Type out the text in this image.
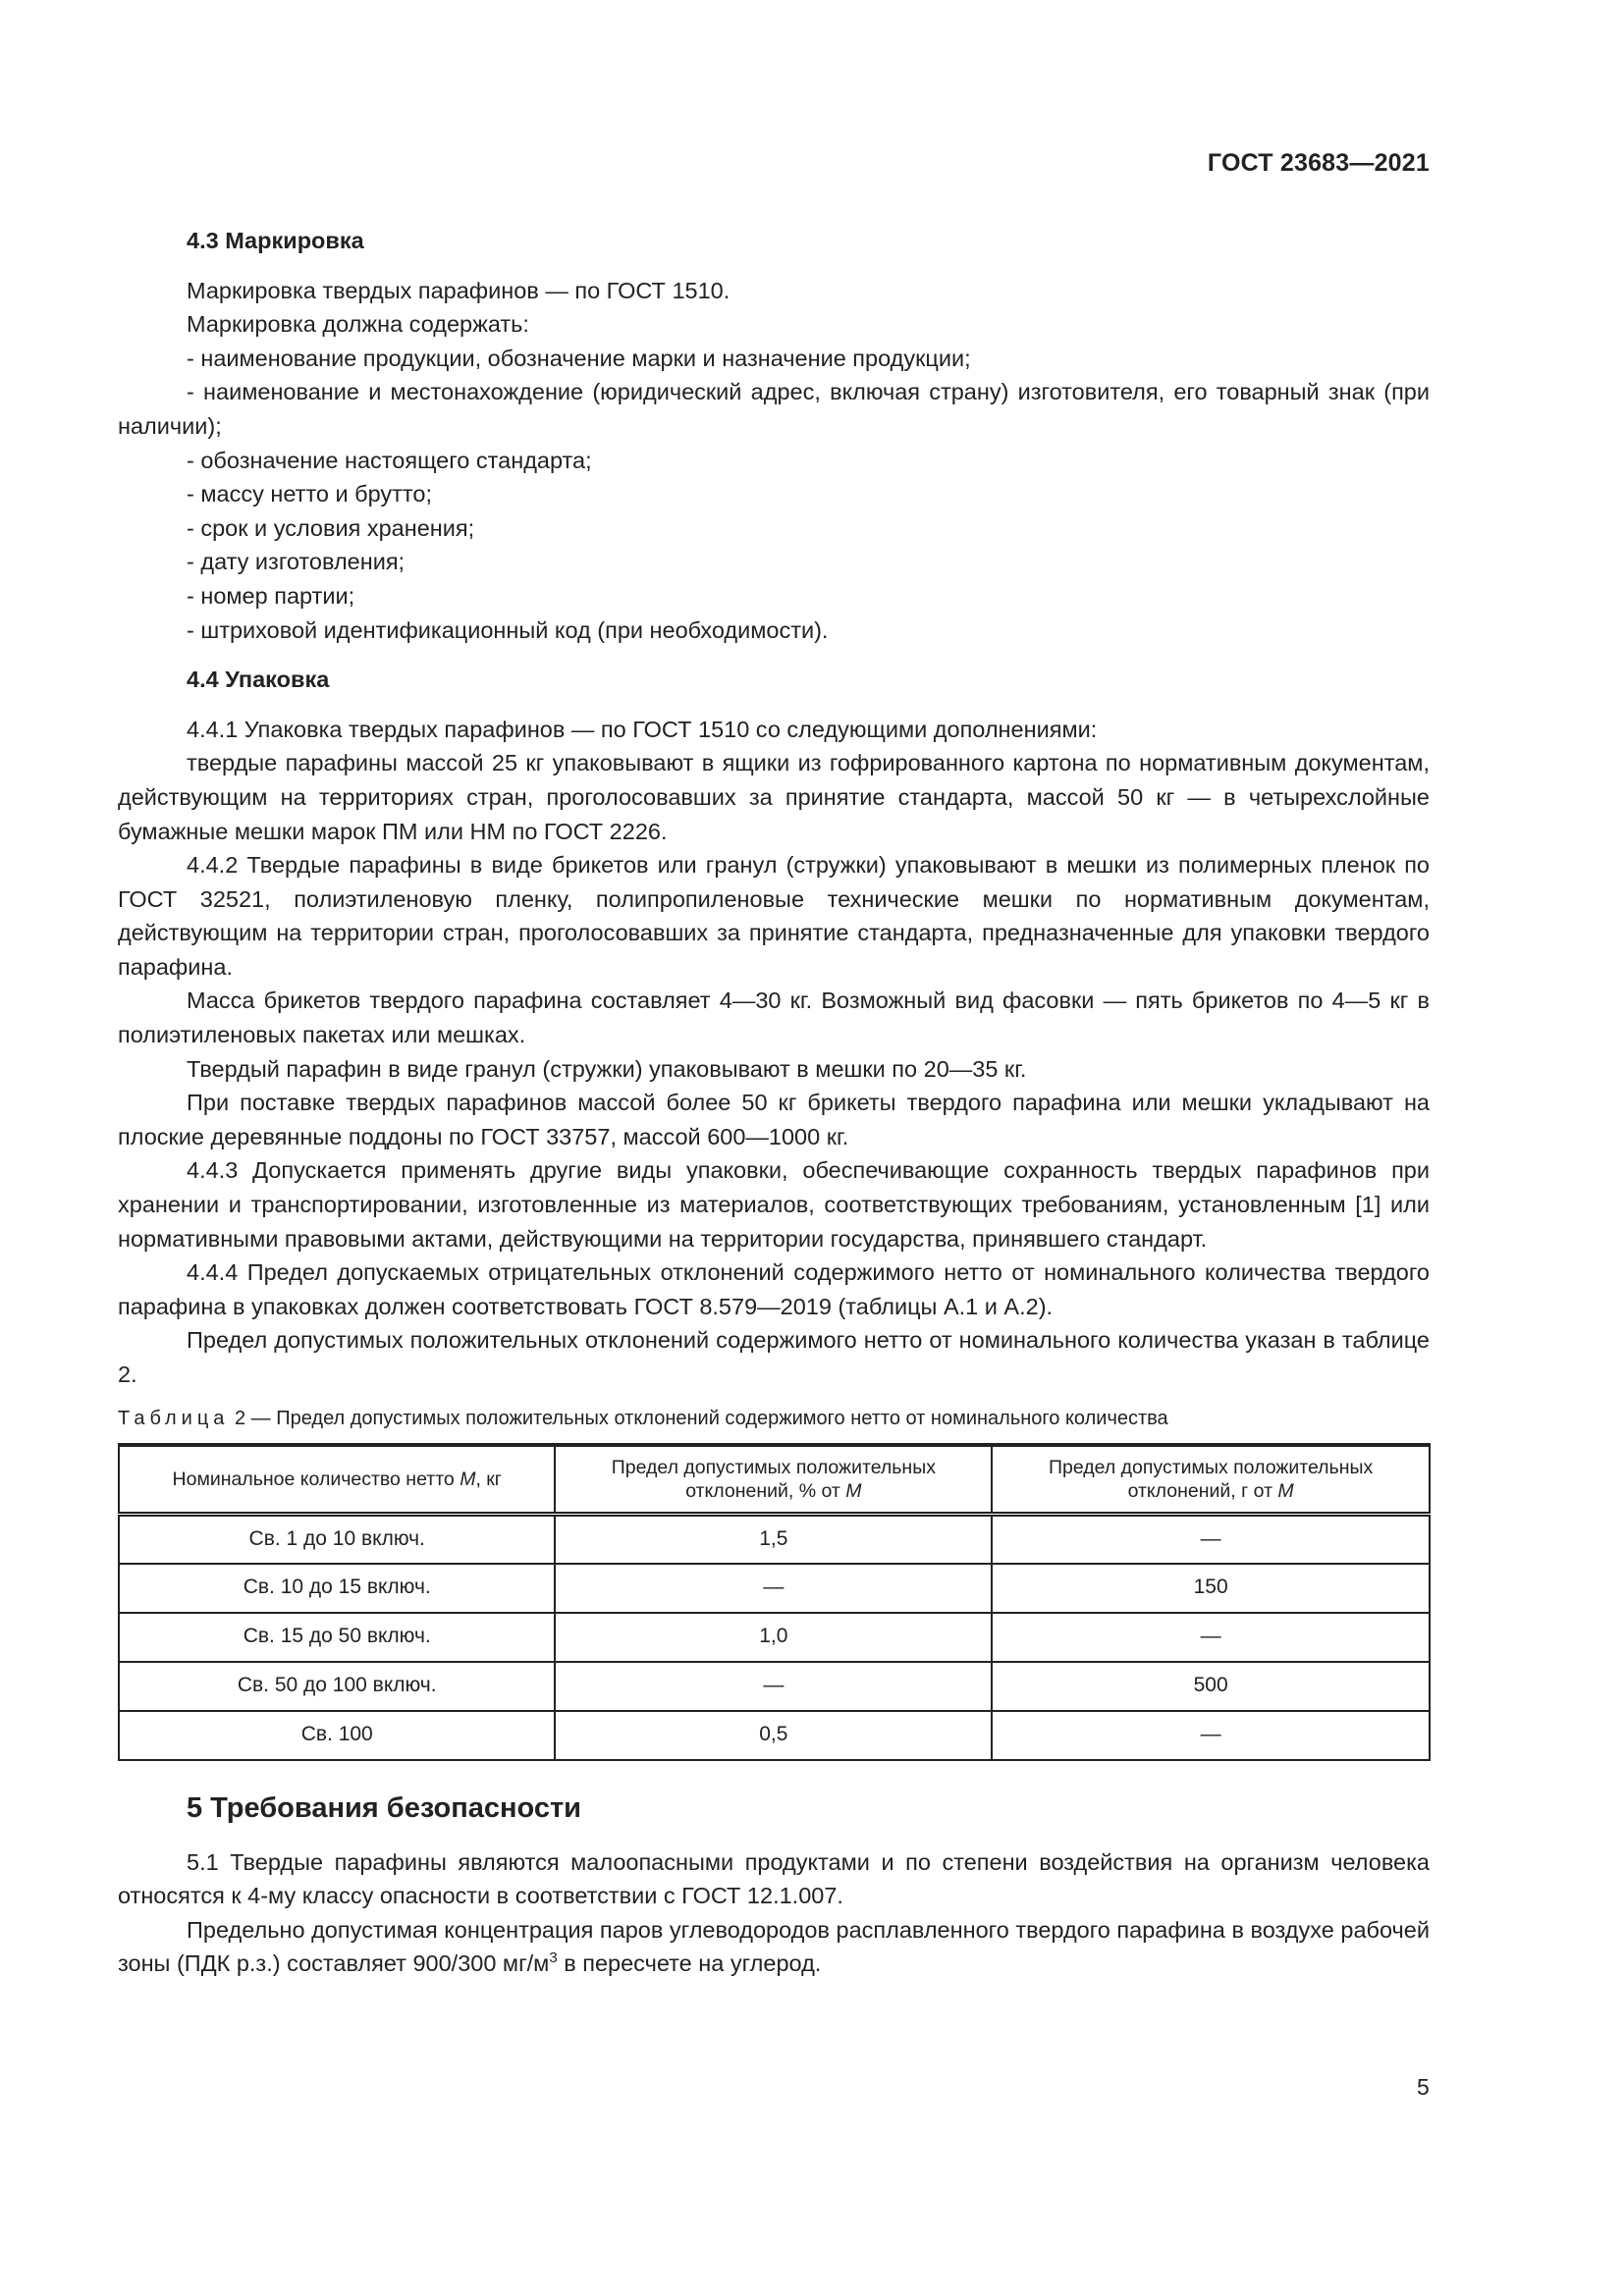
ГОСТ 23683—2021
4.3 Маркировка

Маркировка твердых парафинов — по ГОСТ 1510.

Маркировка должна содержать:

- наименование продукции, обозначение марки и назначение продукции;

- наименование и местонахождение (юридический адрес, включая страну) изготовителя, его товарный знак (при наличии);

- обозначение настоящего стандарта;

- массу нетто и брутто;

- срок и условия хранения;

- дату изготовления;

- номер партии;

- штриховой идентификационный код (при необходимости).

4.4 Упаковка

4.4.1 Упаковка твердых парафинов — по ГОСТ 1510 со следующими дополнениями:

твердые парафины массой 25 кг упаковывают в ящики из гофрированного картона по нормативным документам, действующим на территориях стран, проголосовавших за принятие стандарта, массой 50 кг — в четырехслойные бумажные мешки марок ПМ или НМ по ГОСТ 2226.

4.4.2 Твердые парафины в виде брикетов или гранул (стружки) упаковывают в мешки из полимерных пленок по ГОСТ 32521, полиэтиленовую пленку, полипропиленовые технические мешки по нормативным документам, действующим на территории стран, проголосовавших за принятие стандарта, предназначенные для упаковки твердого парафина.

Масса брикетов твердого парафина составляет 4—30 кг. Возможный вид фасовки — пять брикетов по 4—5 кг в полиэтиленовых пакетах или мешках.

Твердый парафин в виде гранул (стружки) упаковывают в мешки по 20—35 кг.

При поставке твердых парафинов массой более 50 кг брикеты твердого парафина или мешки укладывают на плоские деревянные поддоны по ГОСТ 33757, массой 600—1000 кг.

4.4.3 Допускается применять другие виды упаковки, обеспечивающие сохранность твердых парафинов при хранении и транспортировании, изготовленные из материалов, соответствующих требованиям, установленным [1] или нормативными правовыми актами, действующими на территории государства, принявшего стандарт.

4.4.4 Предел допускаемых отрицательных отклонений содержимого нетто от номинального количества твердого парафина в упаковках должен соответствовать ГОСТ 8.579—2019 (таблицы А.1 и А.2).

Предел допустимых положительных отклонений содержимого нетто от номинального количества указан в таблице 2.

Таблица 2 — Предел допустимых положительных отклонений содержимого нетто от номинального количества
Номинальное количество нетто M, кг	Предел допустимых положительных отклонений, % от M	Предел допустимых положительных отклонений, г от M
Св. 1 до 10 включ.	1,5	—
Св. 10 до 15 включ.	—	150
Св. 15 до 50 включ.	1,0	—
Св. 50 до 100 включ.	—	500
Св. 100	0,5	—
5 Требования безопасности

5.1 Твердые парафины являются малоопасными продуктами и по степени воздействия на организм человека относятся к 4-му классу опасности в соответствии с ГОСТ 12.1.007.

Предельно допустимая концентрация паров углеводородов расплавленного твердого парафина в воздухе рабочей зоны (ПДК р.з.) составляет 900/300 $мг/м^3$ в пересчете на углерод.

5
